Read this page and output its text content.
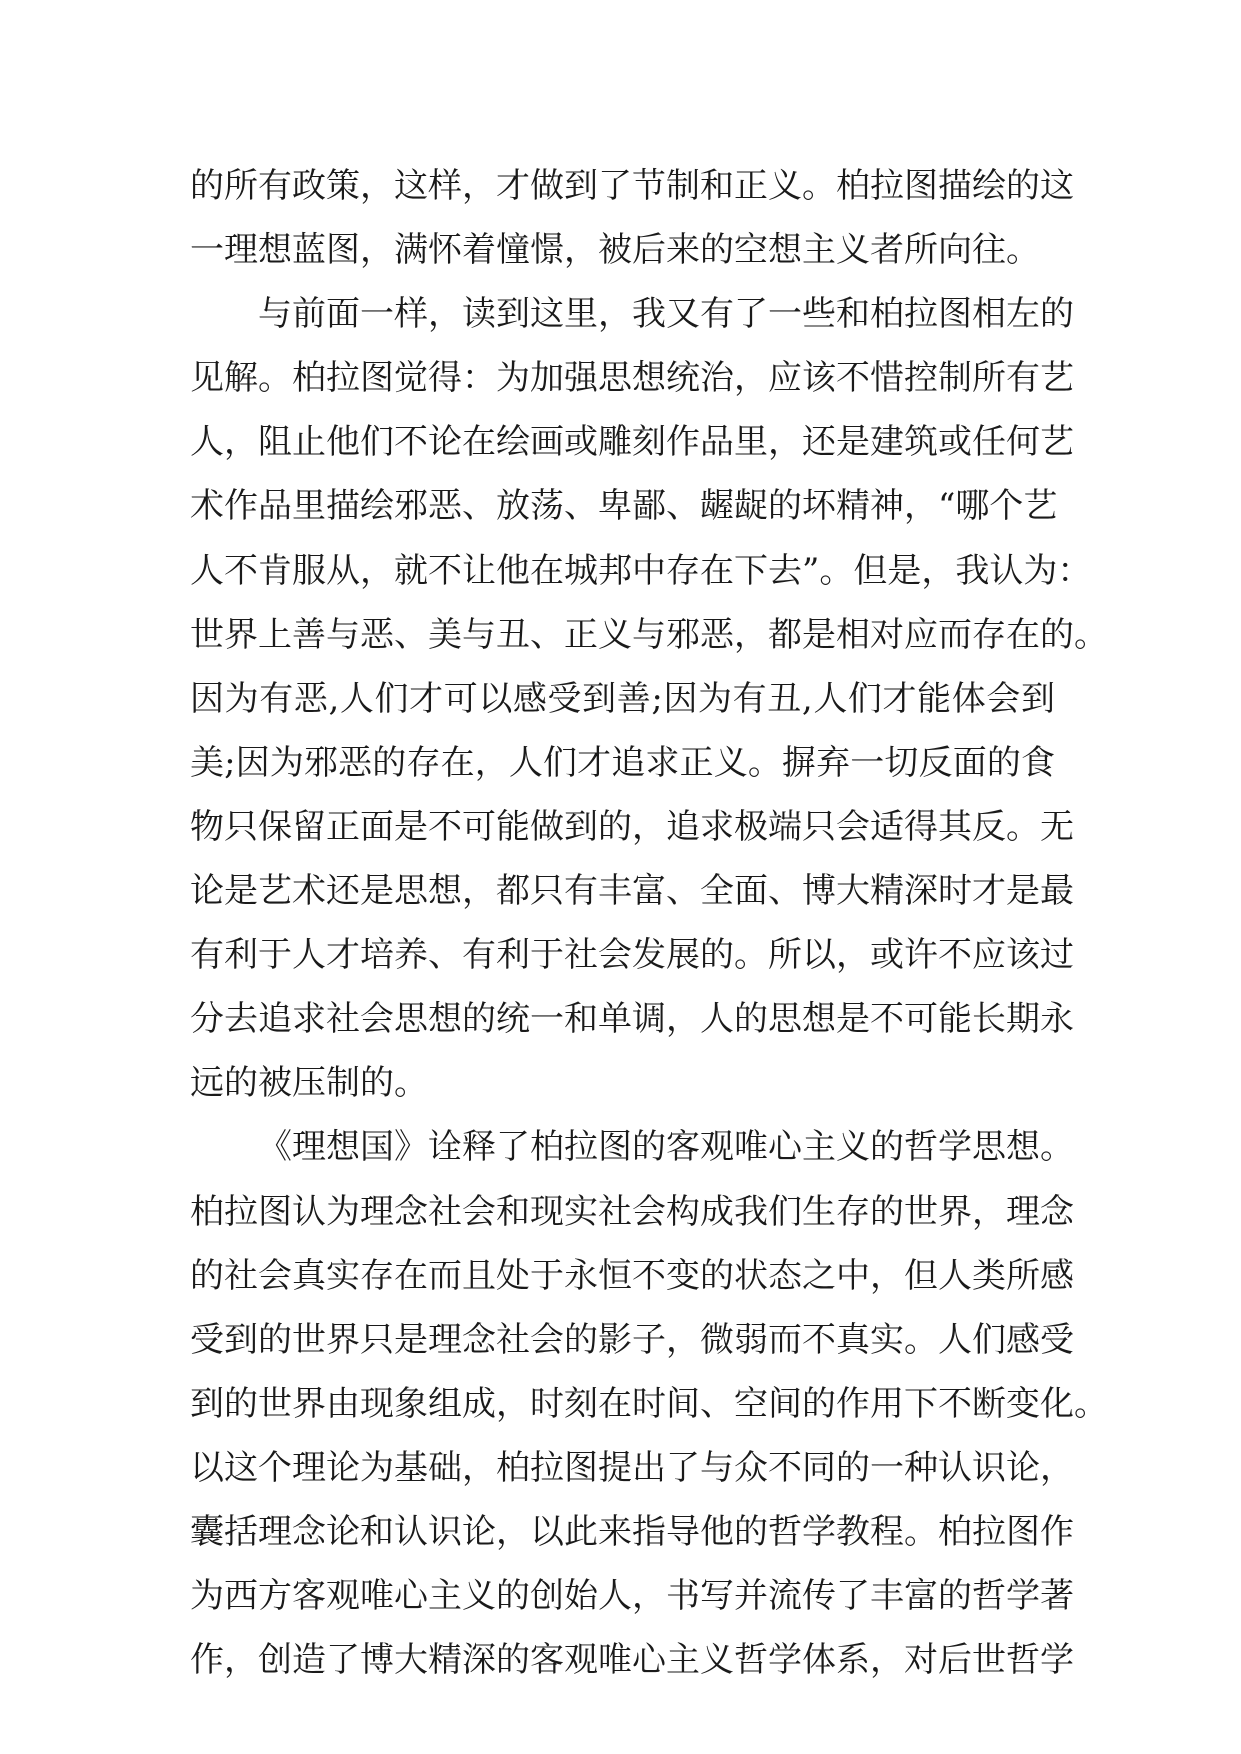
的所有政策，这样，才做到了节制和正义。柏拉图描绘的这
一理想蓝图，满怀着憧憬，被后来的空想主义者所向往。
与前面一样，读到这里，我又有了一些和柏拉图相左的
见解。柏拉图觉得：为加强思想统治，应该不惜控制所有艺
人，阻止他们不论在绘画或雕刻作品里，还是建筑或任何艺
术作品里描绘邪恶、放荡、卑鄙、龌龊的坏精神，“哪个艺
人不肯服从，就不让他在城邦中存在下去”。但是，我认为：
世界上善与恶、美与丑、正义与邪恶，都是相对应而存在的。
因为有恶,人们才可以感受到善;因为有丑,人们才能体会到
美;因为邪恶的存在，人们才追求正义。摒弃一切反面的食
物只保留正面是不可能做到的，追求极端只会适得其反。无
论是艺术还是思想，都只有丰富、全面、博大精深时才是最
有利于人才培养、有利于社会发展的。所以，或许不应该过
分去追求社会思想的统一和单调，人的思想是不可能长期永
远的被压制的。
《理想国》诠释了柏拉图的客观唯心主义的哲学思想。
柏拉图认为理念社会和现实社会构成我们生存的世界，理念
的社会真实存在而且处于永恒不变的状态之中，但人类所感
受到的世界只是理念社会的影子，微弱而不真实。人们感受
到的世界由现象组成，时刻在时间、空间的作用下不断变化。
以这个理论为基础，柏拉图提出了与众不同的一种认识论，
囊括理念论和认识论，以此来指导他的哲学教程。柏拉图作
为西方客观唯心主义的创始人，书写并流传了丰富的哲学著
作，创造了博大精深的客观唯心主义哲学体系，对后世哲学
